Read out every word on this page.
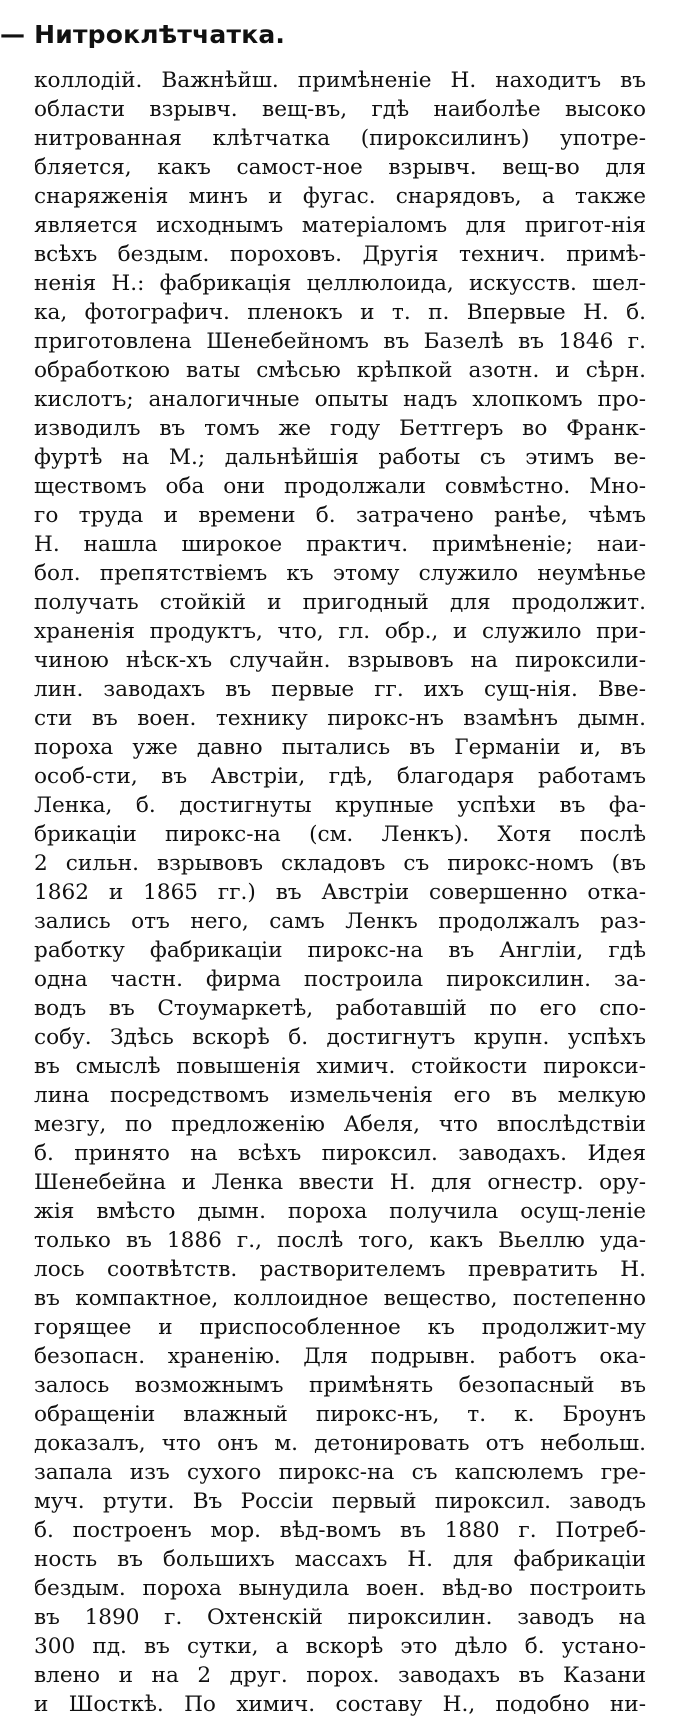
— Нитроклѣтчатка.
коллодій. Важнѣйш. примѣненіе Н. находитъ въ
области взрывч. вещ-въ, гдѣ наиболѣе высоко
нитрованная клѣтчатка (пироксилинъ) употре-
бляется, какъ самост-ное взрывч. вещ-во для
снаряженія минъ и фугас. снарядовъ, а также
является исходнымъ матеріаломъ для пригот-нія
всѣхъ бездым. пороховъ. Другія технич. примѣ-
ненія Н.: фабрикація целлюлоида, искусств. шел-
ка, фотографич. пленокъ и т. п. Впервые Н. б.
приготовлена Шенебейномъ въ Базелѣ въ 1846 г.
обработкою ваты смѣсью крѣпкой азотн. и сѣрн.
кислотъ; аналогичные опыты надъ хлопкомъ про-
изводилъ въ томъ же году Беттгеръ во Франк-
фуртѣ на М.; дальнѣйшія работы съ этимъ ве-
ществомъ оба они продолжали совмѣстно. Мно-
го труда и времени б. затрачено ранѣе, чѣмъ
Н. нашла широкое практич. примѣненіе; наи-
бол. препятствіемъ къ этому служило неумѣнье
получать стойкій и пригодный для продолжит.
храненія продуктъ, что, гл. обр., и служило при-
чиною нѣск-хъ случайн. взрывовъ на пироксили-
лин. заводахъ въ первые гг. ихъ сущ-нія. Вве-
сти въ воен. технику пирокс-нъ взамѣнъ дымн.
пороха уже давно пытались въ Германіи и, въ
особ-сти, въ Австріи, гдѣ, благодаря работамъ
Ленка, б. достигнуты крупные успѣхи въ фа-
брикаціи пирокс-на (см. Ленкъ). Хотя послѣ
2 сильн. взрывовъ складовъ съ пирокс-номъ (въ
1862 и 1865 гг.) въ Австріи совершенно отка-
зались отъ него, самъ Ленкъ продолжалъ раз-
работку фабрикаціи пирокс-на въ Англіи, гдѣ
одна частн. фирма построила пироксилин. за-
водъ въ Стоумаркетѣ, работавшій по его спо-
собу. Здѣсь вскорѣ б. достигнутъ крупн. успѣхъ
въ смыслѣ повышенія химич. стойкости пирокси-
лина посредствомъ измельченія его въ мелкую
мезгу, по предложенію Абеля, что впослѣдствіи
б. принято на всѣхъ пироксил. заводахъ. Идея
Шенебейна и Ленка ввести Н. для огнестр. ору-
жія вмѣсто дымн. пороха получила осущ-леніе
только въ 1886 г., послѣ того, какъ Вьеллю уда-
лось соотвѣтств. растворителемъ превратить Н.
въ компактное, коллоидное вещество, постепенно
горящее и приспособленное къ продолжит-му
безопасн. храненію. Для подрывн. работъ ока-
залось возможнымъ примѣнять безопасный въ
обращеніи влажный пирокс-нъ, т. к. Броунъ
доказалъ, что онъ м. детонировать отъ небольш.
запала изъ сухого пирокс-на съ капсюлемъ гре-
муч. ртути. Въ Россіи первый пироксил. заводъ
б. построенъ мор. вѣд-вомъ въ 1880 г. Потреб-
ность въ большихъ массахъ Н. для фабрикаціи
бездым. пороха вынудила воен. вѣд-во построить
въ 1890 г. Охтенскій пироксилин. заводъ на
300 пд. въ сутки, а вскорѣ это дѣло б. устано-
влено и на 2 друг. порох. заводахъ въ Казани
и Шосткѣ. По химич. составу Н., подобно ни-
